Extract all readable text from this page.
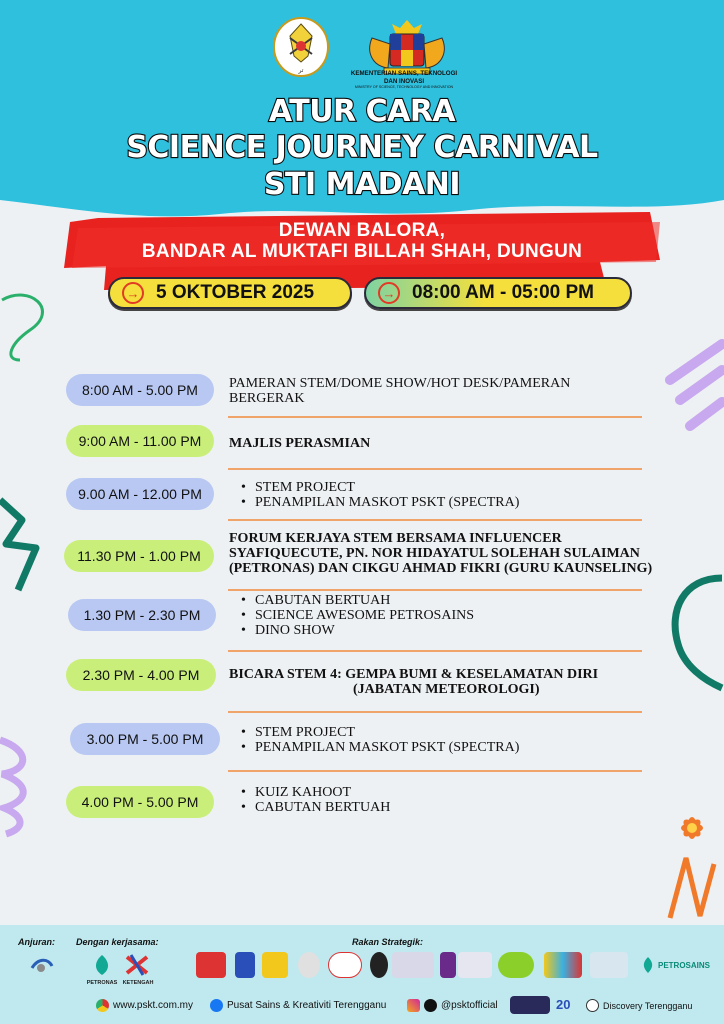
ﺗﺮ	KEMENTERIAN SAINS, TEKNOLOGI DAN INOVASI
MINISTRY OF SCIENCE, TECHNOLOGY AND INNOVATION
ATUR CARA
SCIENCE JOURNEY CARNIVAL
STI MADANI
DEWAN BALORA,
BANDAR AL MUKTAFI BILLAH SHAH, DUNGUN
→ 5 OKTOBER 2025	→ 08:00 AM - 05:00 PM
8:00 AM - 5.00 PM	PAMERAN STEM/DOME SHOW/HOT DESK/PAMERAN
BERGERAK
9:00 AM - 11.00 PM	MAJLIS PERASMIAN
9.00 AM - 12.00 PM	• STEM PROJECT
• PENAMPILAN MASKOT PSKT (SPECTRA)
11.30 PM - 1.00 PM
FORUM KERJAYA STEM BERSAMA INFLUENCER
SYAFIQUECUTE, PN. NOR HIDAYATUL SOLEHAH SULAIMAN
(PETRONAS) DAN CIKGU AHMAD FIKRI (GURU KAUNSELING)
1.30 PM - 2.30 PM
• CABUTAN BERTUAH
• SCIENCE AWESOME PETROSAINS
• DINO SHOW
2.30 PM - 4.00 PM	BICARA STEM 4: GEMPA BUMI & KESELAMATAN DIRI
(JABATAN METEOROLOGI)
3.00 PM - 5.00 PM	• STEM PROJECT
• PENAMPILAN MASKOT PSKT (SPECTRA)
4.00 PM - 5.00 PM
• KUIZ KAHOOT
• CABUTAN BERTUAH
Anjuran: Dengan kerjasama:	Rakan Strategik:
PETRONAS KETENGAH
PETROSAINS
www.pskt.com.my	Pusat Sains & Kreativiti Terengganu	@psktofficial	20	Discovery Terengganu
